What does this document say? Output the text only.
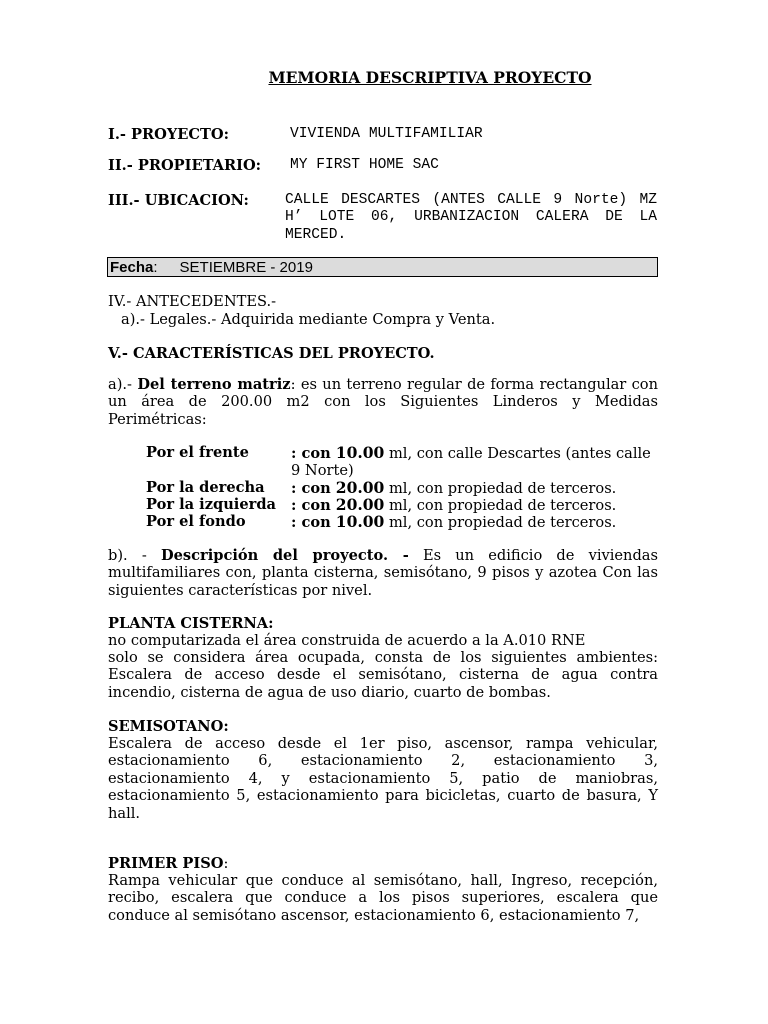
MEMORIA DESCRIPTIVA PROYECTO
I.- PROYECTO:	VIVIENDA MULTIFAMILIAR
II.- PROPIETARIO: MY FIRST HOME SAC
III.- UBICACION: CALLE DESCARTES (ANTES CALLE 9 Norte) MZ H’ LOTE 06, URBANIZACION CALERA DE LA MERCED.
Fecha: SETIEMBRE - 2019
IV.- ANTECEDENTES.-
a).- Legales.- Adquirida mediante Compra y Venta.
V.- CARACTERÍSTICAS DEL PROYECTO.
a).- Del terreno matriz: es un terreno regular de forma rectangular con un área de 200.00 m2 con los Siguientes Linderos y Medidas Perimétricas:
Por el frente	: con 10.00 ml, con calle Descartes (antes calle 9 Norte)
Por la derecha : con 20.00 ml, con propiedad de terceros.
Por la izquierda : con 20.00 ml, con propiedad de terceros.
Por el fondo	: con 10.00 ml, con propiedad de terceros.
b). - Descripción del proyecto. - Es un edificio de viviendas multifamiliares con, planta cisterna, semisótano, 9 pisos y azotea Con las siguientes características por nivel.
PLANTA CISTERNA:
no computarizada el área construida de acuerdo a la A.010 RNE
solo se considera área ocupada, consta de los siguientes ambientes: Escalera de acceso desde el semisótano, cisterna de agua contra incendio, cisterna de agua de uso diario, cuarto de bombas.
SEMISOTANO:
Escalera de acceso desde el 1er piso, ascensor, rampa vehicular, estacionamiento 6, estacionamiento 2, estacionamiento 3, estacionamiento 4, y estacionamiento 5, patio de maniobras, estacionamiento 5, estacionamiento para bicicletas, cuarto de basura, Y hall.
PRIMER PISO:
Rampa vehicular que conduce al semisótano, hall, Ingreso, recepción, recibo, escalera que conduce a los pisos superiores, escalera que conduce al semisótano ascensor, estacionamiento 6, estacionamiento 7,
